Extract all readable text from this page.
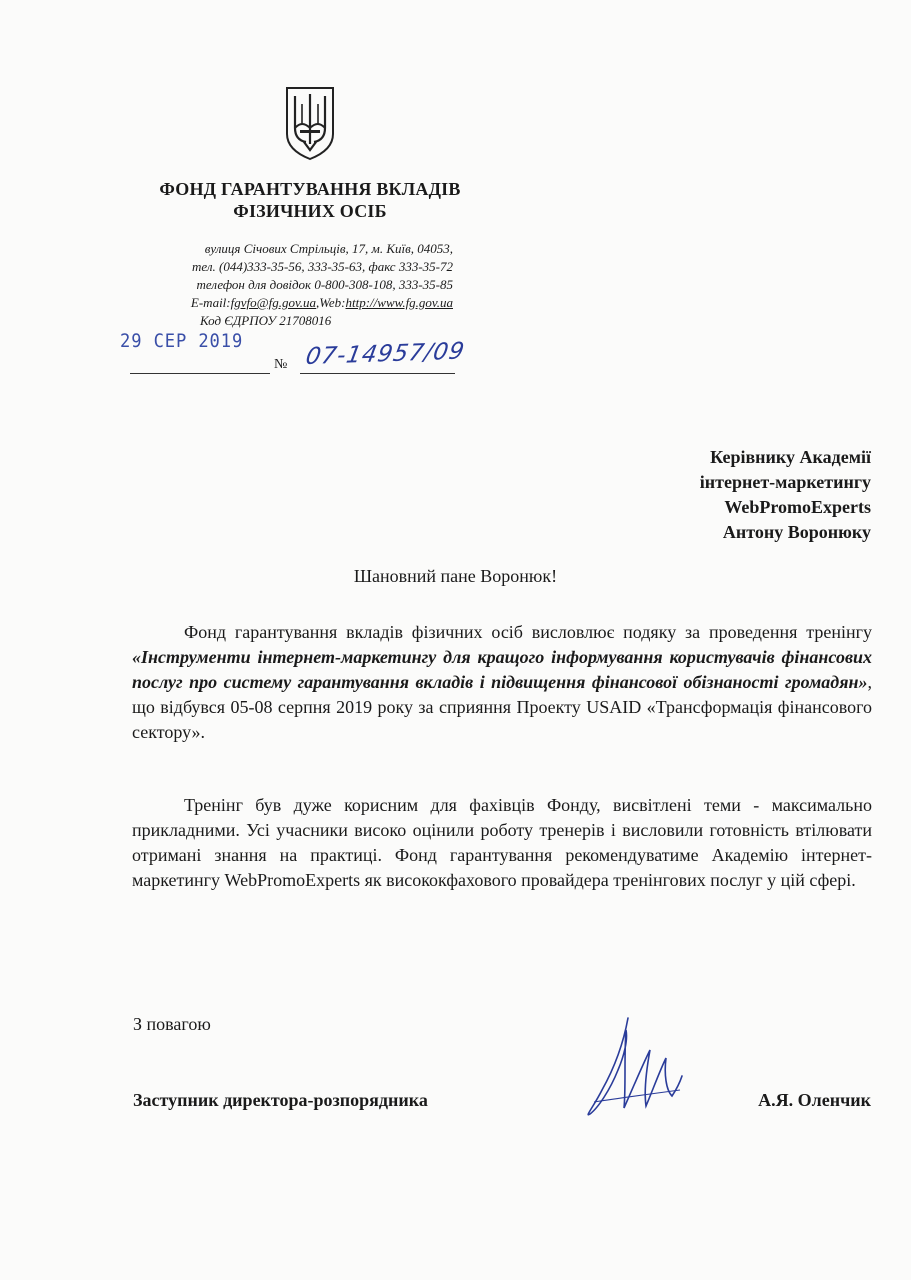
ФОНД ГАРАНТУВАННЯ ВКЛАДІВ
ФІЗИЧНИХ ОСІБ
вулиця Січових Стрільців, 17, м. Київ, 04053,
тел. (044)333-35-56, 333-35-63, факс 333-35-72
телефон для довідок 0-800-308-108, 333-35-85
E-mail:fgvfo@fg.gov.ua,Web:http://www.fg.gov.ua
Код ЄДРПОУ 21708016
29 СЕР 2019
№ 07-14957/09
Керівнику Академії
інтернет-маркетингу
WebPromoExperts
Антону Воронюку
Шановний пане Воронюк!
Фонд гарантування вкладів фізичних осіб висловлює подяку за проведення тренінгу «Інструменти інтернет-маркетингу для кращого інформування користувачів фінансових послуг про систему гарантування вкладів і підвищення фінансової обізнаності громадян», що відбувся 05-08 серпня 2019 року за сприяння Проекту USAID «Трансформація фінансового сектору».
Тренінг був дуже корисним для фахівців Фонду, висвітлені теми - максимально прикладними. Усі учасники високо оцінили роботу тренерів і висловили готовність втілювати отримані знання на практиці. Фонд гарантування рекомендуватиме Академію інтернет-маркетингу WebPromoExperts як висококфахового провайдера тренінгових послуг у цій сфері.
З повагою
Заступник директора-розпорядника	А.Я. Оленчик
